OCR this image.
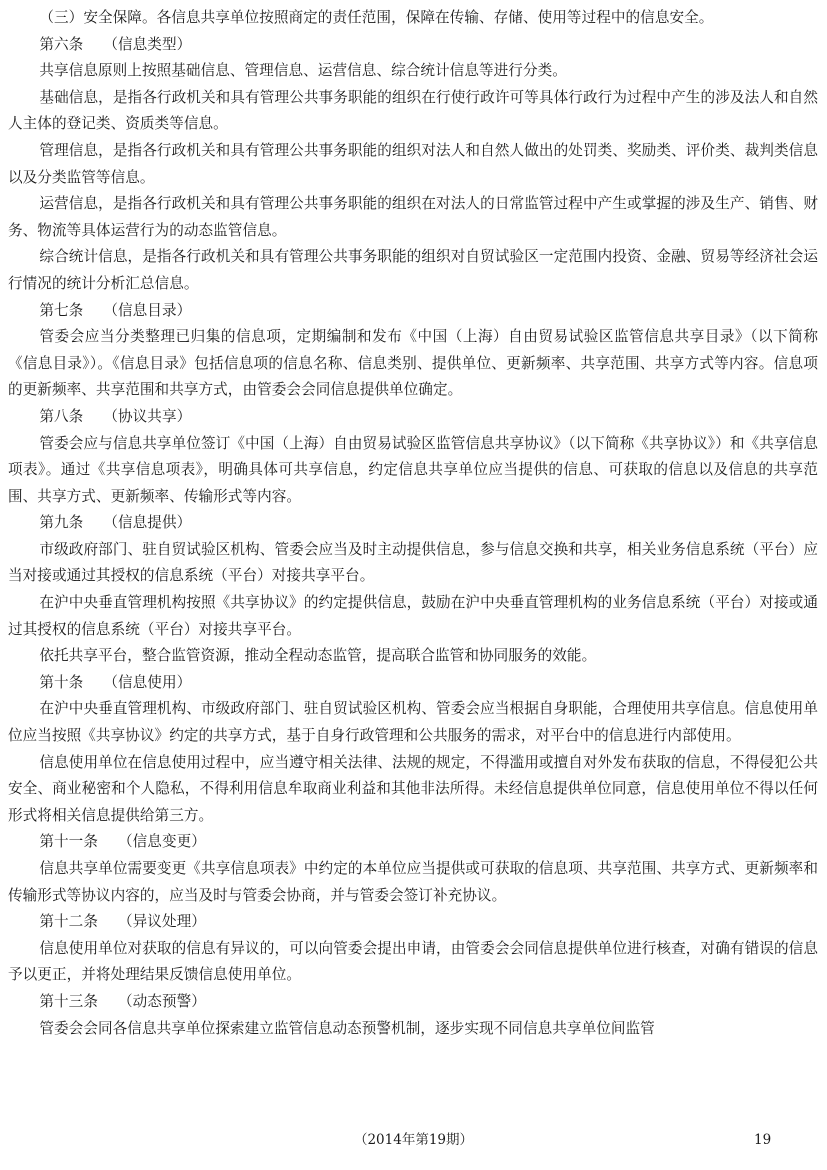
（三）安全保障。各信息共享单位按照商定的责任范围，保障在传输、存储、使用等过程中的信息安全。

第六条 （信息类型）

共享信息原则上按照基础信息、管理信息、运营信息、综合统计信息等进行分类。

基础信息，是指各行政机关和具有管理公共事务职能的组织在行使行政许可等具体行政行为过程中产生的涉及法人和自然人主体的登记类、资质类等信息。

管理信息，是指各行政机关和具有管理公共事务职能的组织对法人和自然人做出的处罚类、奖励类、评价类、裁判类信息以及分类监管等信息。

运营信息，是指各行政机关和具有管理公共事务职能的组织在对法人的日常监管过程中产生或掌握的涉及生产、销售、财务、物流等具体运营行为的动态监管信息。

综合统计信息，是指各行政机关和具有管理公共事务职能的组织对自贸试验区一定范围内投资、金融、贸易等经济社会运行情况的统计分析汇总信息。

第七条 （信息目录）

管委会应当分类整理已归集的信息项，定期编制和发布《中国（上海）自由贸易试验区监管信息共享目录》（以下简称《信息目录》）。《信息目录》包括信息项的信息名称、信息类别、提供单位、更新频率、共享范围、共享方式等内容。信息项的更新频率、共享范围和共享方式，由管委会会同信息提供单位确定。

第八条 （协议共享）

管委会应与信息共享单位签订《中国（上海）自由贸易试验区监管信息共享协议》（以下简称《共享协议》）和《共享信息项表》。通过《共享信息项表》，明确具体可共享信息，约定信息共享单位应当提供的信息、可获取的信息以及信息的共享范围、共享方式、更新频率、传输形式等内容。

第九条 （信息提供）

市级政府部门、驻自贸试验区机构、管委会应当及时主动提供信息，参与信息交换和共享，相关业务信息系统（平台）应当对接或通过其授权的信息系统（平台）对接共享平台。

在沪中央垂直管理机构按照《共享协议》的约定提供信息，鼓励在沪中央垂直管理机构的业务信息系统（平台）对接或通过其授权的信息系统（平台）对接共享平台。

依托共享平台，整合监管资源，推动全程动态监管，提高联合监管和协同服务的效能。

第十条 （信息使用）

在沪中央垂直管理机构、市级政府部门、驻自贸试验区机构、管委会应当根据自身职能，合理使用共享信息。信息使用单位应当按照《共享协议》约定的共享方式，基于自身行政管理和公共服务的需求，对平台中的信息进行内部使用。

信息使用单位在信息使用过程中，应当遵守相关法律、法规的规定，不得滥用或擅自对外发布获取的信息，不得侵犯公共安全、商业秘密和个人隐私，不得利用信息牟取商业利益和其他非法所得。未经信息提供单位同意，信息使用单位不得以任何形式将相关信息提供给第三方。

第十一条 （信息变更）

信息共享单位需要变更《共享信息项表》中约定的本单位应当提供或可获取的信息项、共享范围、共享方式、更新频率和传输形式等协议内容的，应当及时与管委会协商，并与管委会签订补充协议。

第十二条 （异议处理）

信息使用单位对获取的信息有异议的，可以向管委会提出申请，由管委会会同信息提供单位进行核查，对确有错误的信息予以更正，并将处理结果反馈信息使用单位。

第十三条 （动态预警）

管委会会同各信息共享单位探索建立监管信息动态预警机制，逐步实现不同信息共享单位间监管

（2014年第19期）	19
